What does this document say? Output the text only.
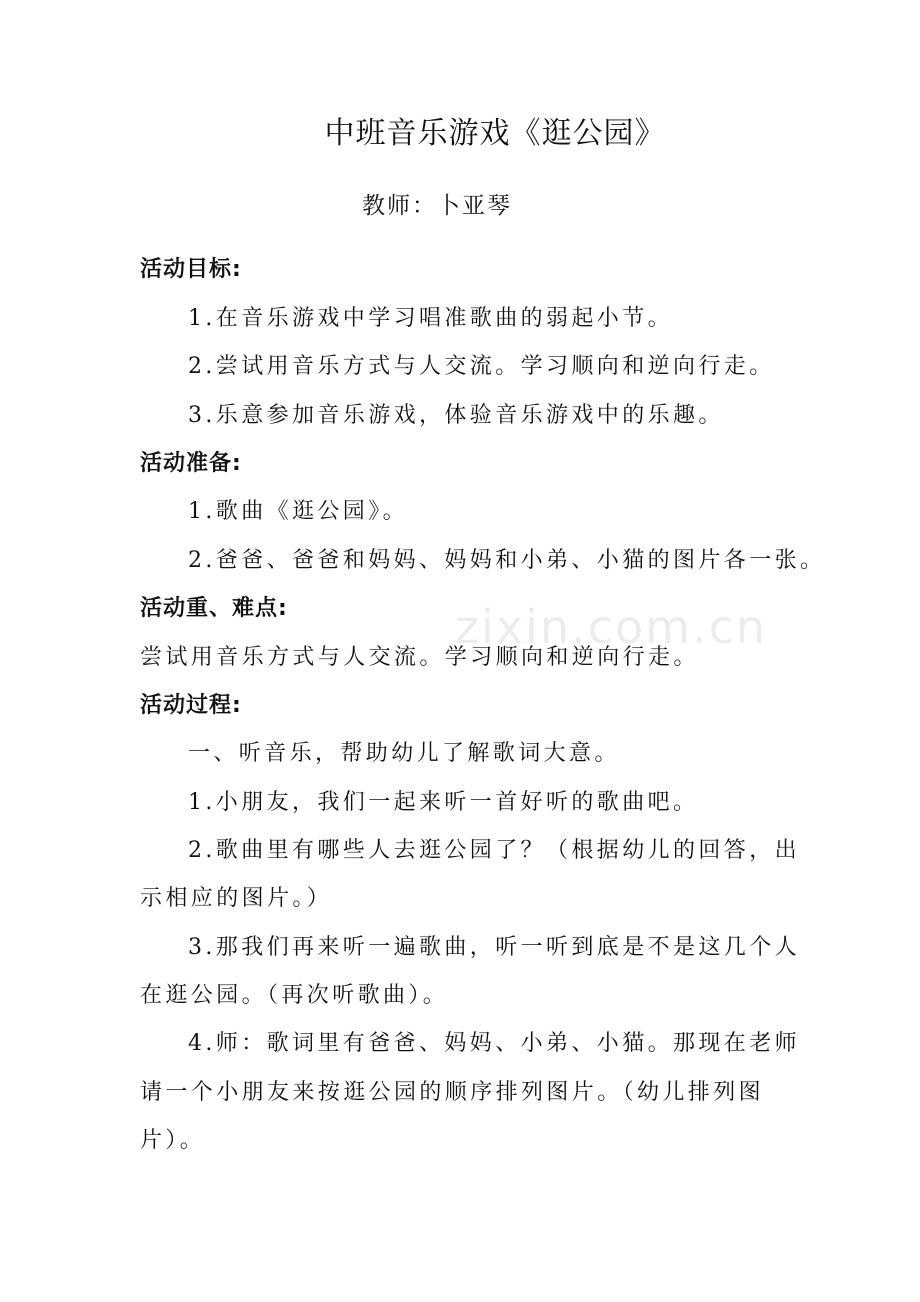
中班音乐游戏《逛公园》
教师：卜亚琴
活动目标:
1.在音乐游戏中学习唱准歌曲的弱起小节。
2.尝试用音乐方式与人交流。学习顺向和逆向行走。
3.乐意参加音乐游戏，体验音乐游戏中的乐趣。
活动准备:
1.歌曲《逛公园》。
2.爸爸、爸爸和妈妈、妈妈和小弟、小猫的图片各一张。
活动重、难点:
尝试用音乐方式与人交流。学习顺向和逆向行走。
活动过程:
一、听音乐，帮助幼儿了解歌词大意。
1.小朋友，我们一起来听一首好听的歌曲吧。
2.歌曲里有哪些人去逛公园了？（根据幼儿的回答，出
示相应的图片。）
3.那我们再来听一遍歌曲，听一听到底是不是这几个人
在逛公园。（再次听歌曲）。
4.师：歌词里有爸爸、妈妈、小弟、小猫。那现在老师
请一个小朋友来按逛公园的顺序排列图片。（幼儿排列图
片）。
zixin.com.cn
